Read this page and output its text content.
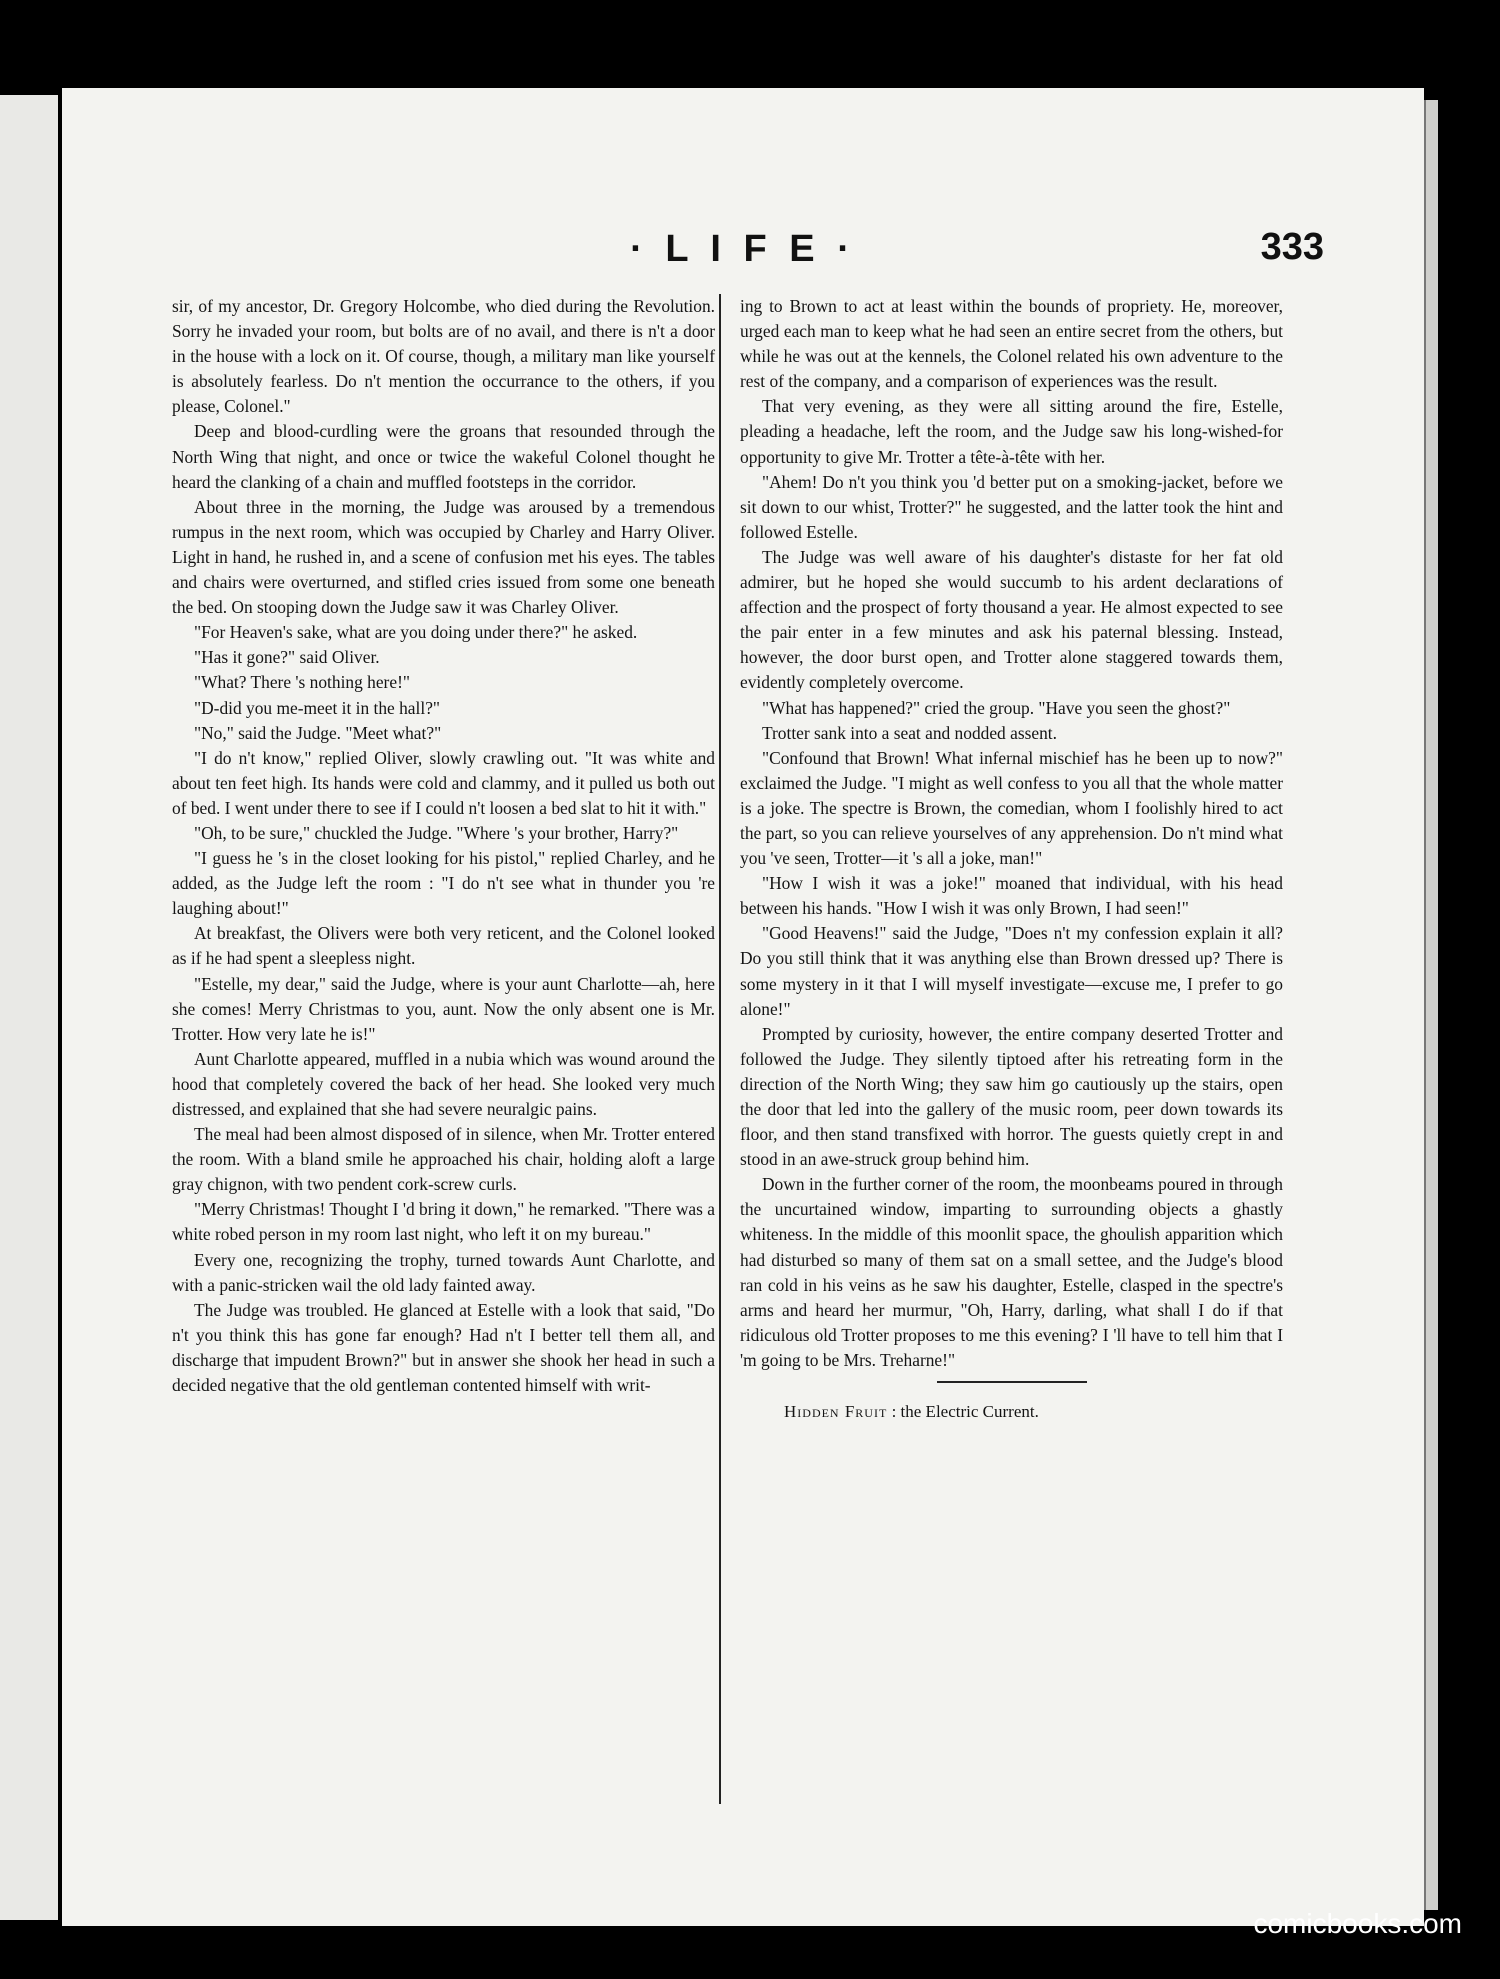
· L I F E ·	333

sir, of my ancestor, Dr. Gregory Holcombe, who died during the Revolution. Sorry he invaded your room, but bolts are of no avail, and there is n't a door in the house with a lock on it. Of course, though, a military man like yourself is absolutely fearless. Do n't mention the occurrance to the others, if you please, Colonel."

Deep and blood-curdling were the groans that resounded through the North Wing that night, and once or twice the wakeful Colonel thought he heard the clanking of a chain and muffled footsteps in the corridor.

About three in the morning, the Judge was aroused by a tremendous rumpus in the next room, which was occupied by Charley and Harry Oliver. Light in hand, he rushed in, and a scene of confusion met his eyes. The tables and chairs were overturned, and stifled cries issued from some one beneath the bed. On stooping down the Judge saw it was Charley Oliver.

"For Heaven's sake, what are you doing under there?" he asked.

"Has it gone?" said Oliver.

"What? There 's nothing here!"

"D-did you me-meet it in the hall?"

"No," said the Judge. "Meet what?"

"I do n't know," replied Oliver, slowly crawling out. "It was white and about ten feet high. Its hands were cold and clammy, and it pulled us both out of bed. I went under there to see if I could n't loosen a bed slat to hit it with."

"Oh, to be sure," chuckled the Judge. "Where 's your brother, Harry?"

"I guess he 's in the closet looking for his pistol," replied Charley, and he added, as the Judge left the room : "I do n't see what in thunder you 're laughing about!"

At breakfast, the Olivers were both very reticent, and the Colonel looked as if he had spent a sleepless night.

"Estelle, my dear," said the Judge, where is your aunt Charlotte—ah, here she comes! Merry Christmas to you, aunt. Now the only absent one is Mr. Trotter. How very late he is!"

Aunt Charlotte appeared, muffled in a nubia which was wound around the hood that completely covered the back of her head. She looked very much distressed, and explained that she had severe neuralgic pains.

The meal had been almost disposed of in silence, when Mr. Trotter entered the room. With a bland smile he approached his chair, holding aloft a large gray chignon, with two pendent cork-screw curls.

"Merry Christmas! Thought I 'd bring it down," he remarked. "There was a white robed person in my room last night, who left it on my bureau."

Every one, recognizing the trophy, turned towards Aunt Charlotte, and with a panic-stricken wail the old lady fainted away.

The Judge was troubled. He glanced at Estelle with a look that said, "Do n't you think this has gone far enough? Had n't I better tell them all, and discharge that impudent Brown?" but in answer she shook her head in such a decided negative that the old gentleman contented himself with writ-

ing to Brown to act at least within the bounds of propriety. He, moreover, urged each man to keep what he had seen an entire secret from the others, but while he was out at the kennels, the Colonel related his own adventure to the rest of the company, and a comparison of experiences was the result.

That very evening, as they were all sitting around the fire, Estelle, pleading a headache, left the room, and the Judge saw his long-wished-for opportunity to give Mr. Trotter a tête-à-tête with her.

"Ahem! Do n't you think you 'd better put on a smoking-jacket, before we sit down to our whist, Trotter?" he suggested, and the latter took the hint and followed Estelle.

The Judge was well aware of his daughter's distaste for her fat old admirer, but he hoped she would succumb to his ardent declarations of affection and the prospect of forty thousand a year. He almost expected to see the pair enter in a few minutes and ask his paternal blessing. Instead, however, the door burst open, and Trotter alone staggered towards them, evidently completely overcome.

"What has happened?" cried the group. "Have you seen the ghost?"

Trotter sank into a seat and nodded assent.

"Confound that Brown! What infernal mischief has he been up to now?" exclaimed the Judge. "I might as well confess to you all that the whole matter is a joke. The spectre is Brown, the comedian, whom I foolishly hired to act the part, so you can relieve yourselves of any apprehension. Do n't mind what you 've seen, Trotter—it 's all a joke, man!"

"How I wish it was a joke!" moaned that individual, with his head between his hands. "How I wish it was only Brown, I had seen!"

"Good Heavens!" said the Judge, "Does n't my confession explain it all? Do you still think that it was anything else than Brown dressed up? There is some mystery in it that I will myself investigate—excuse me, I prefer to go alone!"

Prompted by curiosity, however, the entire company deserted Trotter and followed the Judge. They silently tiptoed after his retreating form in the direction of the North Wing; they saw him go cautiously up the stairs, open the door that led into the gallery of the music room, peer down towards its floor, and then stand transfixed with horror. The guests quietly crept in and stood in an awe-struck group behind him.

Down in the further corner of the room, the moonbeams poured in through the uncurtained window, imparting to surrounding objects a ghastly whiteness. In the middle of this moonlit space, the ghoulish apparition which had disturbed so many of them sat on a small settee, and the Judge's blood ran cold in his veins as he saw his daughter, Estelle, clasped in the spectre's arms and heard her murmur, "Oh, Harry, darling, what shall I do if that ridiculous old Trotter proposes to me this evening? I 'll have to tell him that I 'm going to be Mrs. Treharne!"

Hidden Fruit : the Electric Current.

comicbooks.com
